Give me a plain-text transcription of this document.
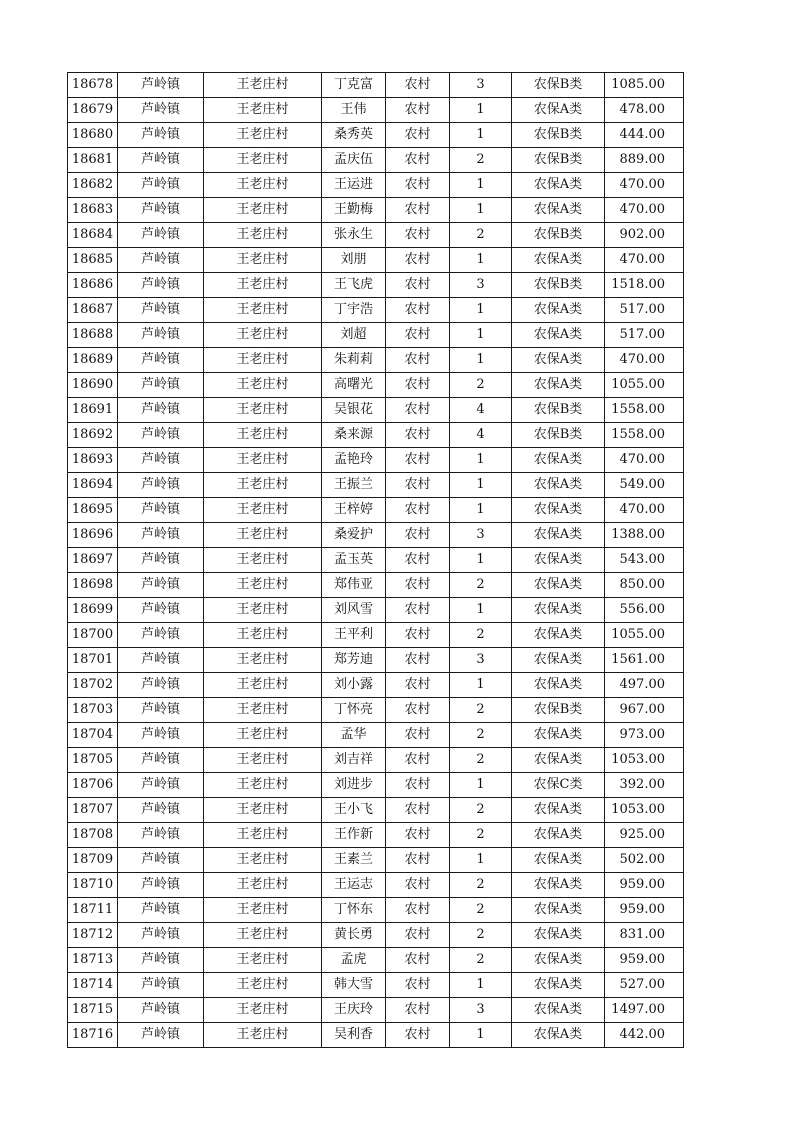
18678	芦岭镇	王老庄村	丁克富	农村	3	农保B类	1085.00
18679	芦岭镇	王老庄村	王伟	农村	1	农保A类	478.00
18680	芦岭镇	王老庄村	桑秀英	农村	1	农保B类	444.00
18681	芦岭镇	王老庄村	孟庆伍	农村	2	农保B类	889.00
18682	芦岭镇	王老庄村	王运进	农村	1	农保A类	470.00
18683	芦岭镇	王老庄村	王勤梅	农村	1	农保A类	470.00
18684	芦岭镇	王老庄村	张永生	农村	2	农保B类	902.00
18685	芦岭镇	王老庄村	刘朋	农村	1	农保A类	470.00
18686	芦岭镇	王老庄村	王飞虎	农村	3	农保B类	1518.00
18687	芦岭镇	王老庄村	丁宇浩	农村	1	农保A类	517.00
18688	芦岭镇	王老庄村	刘超	农村	1	农保A类	517.00
18689	芦岭镇	王老庄村	朱莉莉	农村	1	农保A类	470.00
18690	芦岭镇	王老庄村	高曙光	农村	2	农保A类	1055.00
18691	芦岭镇	王老庄村	吴银花	农村	4	农保B类	1558.00
18692	芦岭镇	王老庄村	桑来源	农村	4	农保B类	1558.00
18693	芦岭镇	王老庄村	孟艳玲	农村	1	农保A类	470.00
18694	芦岭镇	王老庄村	王振兰	农村	1	农保A类	549.00
18695	芦岭镇	王老庄村	王梓婷	农村	1	农保A类	470.00
18696	芦岭镇	王老庄村	桑爱护	农村	3	农保A类	1388.00
18697	芦岭镇	王老庄村	孟玉英	农村	1	农保A类	543.00
18698	芦岭镇	王老庄村	郑伟亚	农村	2	农保A类	850.00
18699	芦岭镇	王老庄村	刘风雪	农村	1	农保A类	556.00
18700	芦岭镇	王老庄村	王平利	农村	2	农保A类	1055.00
18701	芦岭镇	王老庄村	郑芳迪	农村	3	农保A类	1561.00
18702	芦岭镇	王老庄村	刘小露	农村	1	农保A类	497.00
18703	芦岭镇	王老庄村	丁怀亮	农村	2	农保B类	967.00
18704	芦岭镇	王老庄村	孟华	农村	2	农保A类	973.00
18705	芦岭镇	王老庄村	刘吉祥	农村	2	农保A类	1053.00
18706	芦岭镇	王老庄村	刘进步	农村	1	农保C类	392.00
18707	芦岭镇	王老庄村	王小飞	农村	2	农保A类	1053.00
18708	芦岭镇	王老庄村	王作新	农村	2	农保A类	925.00
18709	芦岭镇	王老庄村	王素兰	农村	1	农保A类	502.00
18710	芦岭镇	王老庄村	王运志	农村	2	农保A类	959.00
18711	芦岭镇	王老庄村	丁怀东	农村	2	农保A类	959.00
18712	芦岭镇	王老庄村	黄长勇	农村	2	农保A类	831.00
18713	芦岭镇	王老庄村	孟虎	农村	2	农保A类	959.00
18714	芦岭镇	王老庄村	韩大雪	农村	1	农保A类	527.00
18715	芦岭镇	王老庄村	王庆玲	农村	3	农保A类	1497.00
18716	芦岭镇	王老庄村	吴利香	农村	1	农保A类	442.00
